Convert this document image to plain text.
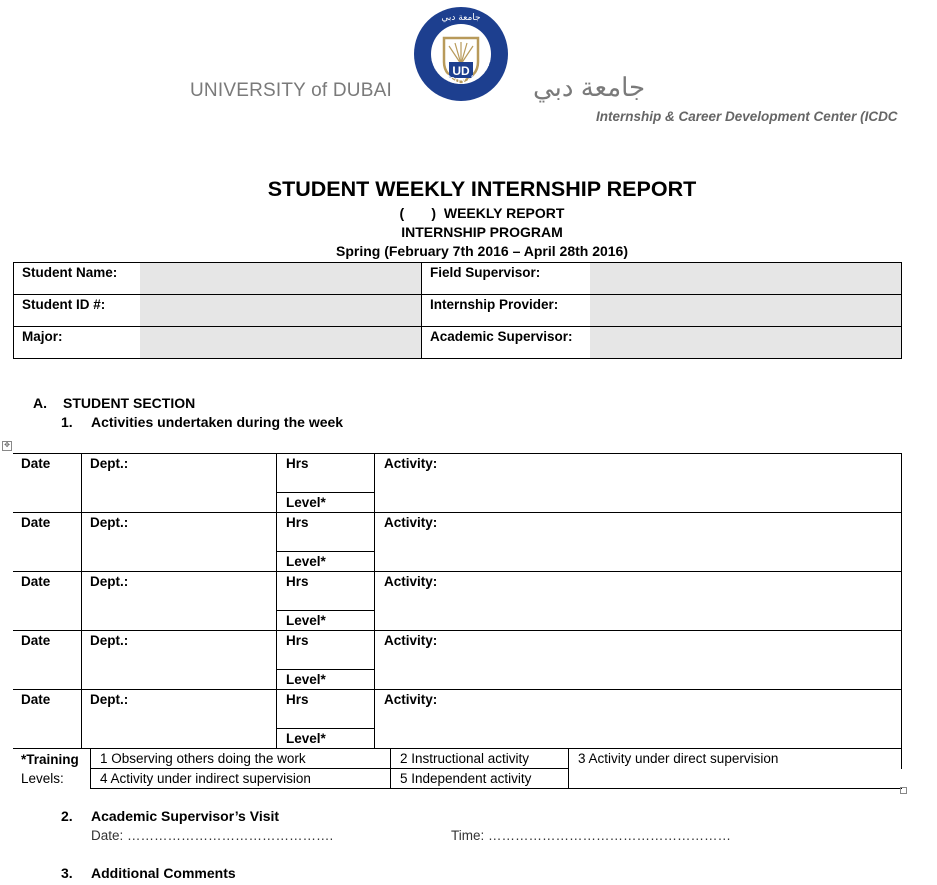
UNIVERSITY of DUBAI
UD
UNIVERSITY of DUBAI
جامعة دبي
جامعة دبي
Internship & Career Development Center (ICDC
STUDENT WEEKLY INTERNSHIP REPORT
(       )  WEEKLY REPORT
INTERNSHIP PROGRAM
Spring (February 7th 2016 – April 28th 2016)
Student Name:		Field Supervisor:	
Student ID #:		Internship Provider:	
Major:		Academic Supervisor:	
A. STUDENT SECTION
1. Activities undertaken during the week
✥
Date	Dept.:	Hrs	Activity:
		Level*	
Date	Dept.:	Hrs	Activity:
		Level*	
Date	Dept.:	Hrs	Activity:
		Level*	
Date	Dept.:	Hrs	Activity:
		Level*	
Date	Dept.:	Hrs	Activity:
		Level*	
*Training
Levels:	1 Observing others doing the work	2 Instructional activity	3 Activity under direct supervision
	4 Activity under indirect supervision	5 Independent activity	
2. Academic Supervisor’s Visit
Date: ……………………………………….	Time: ………………………………………………
3. Additional Comments
